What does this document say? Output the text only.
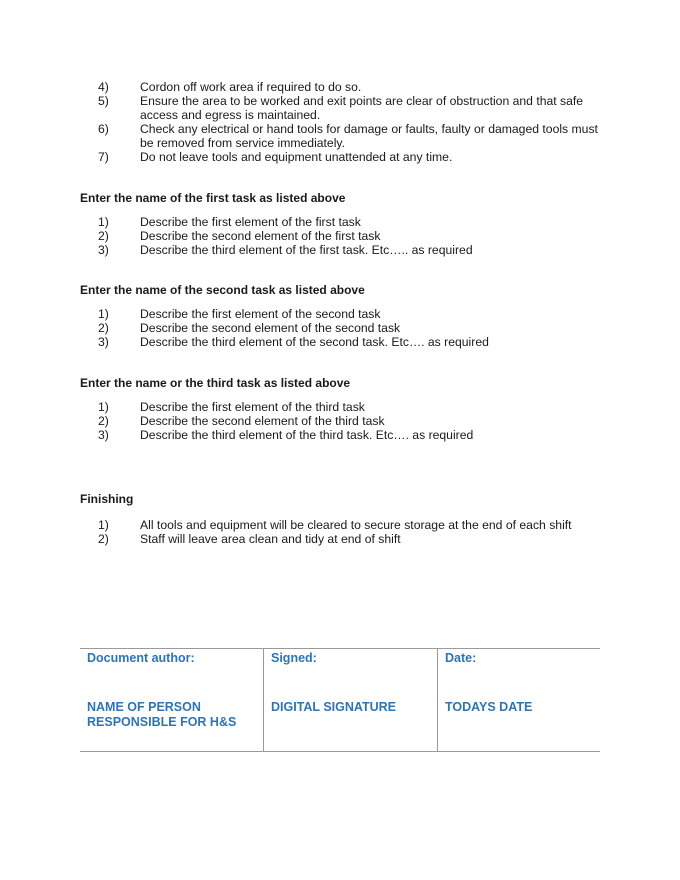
4)	Cordon off work area if required to do so.
5)	Ensure the area to be worked and exit points are clear of obstruction and that safe access and egress is maintained.
6)	Check any electrical or hand tools for damage or faults, faulty or damaged tools must be removed from service immediately.
7)	Do not leave tools and equipment unattended at any time.
Enter the name of the first task as listed above
1)	Describe the first element of the first task
2)	Describe the second element of the first task
3)	Describe the third element of the first task. Etc….. as required
Enter the name of the second task as listed above
1)	Describe the first element of the second task
2)	Describe the second element of the second task
3)	Describe the third element of the second task. Etc…. as required
Enter the name or the third task as listed above
1)	Describe the first element of the third task
2)	Describe the second element of the third task
3)	Describe the third element of the third task. Etc…. as required
Finishing
1)	All tools and equipment will be cleared to secure storage at the end of each shift
2)	Staff will leave area clean and tidy at end of shift

Document author:

NAME OF PERSON RESPONSIBLE FOR H&S

Signed:

DIGITAL SIGNATURE

Date:

TODAYS DATE
